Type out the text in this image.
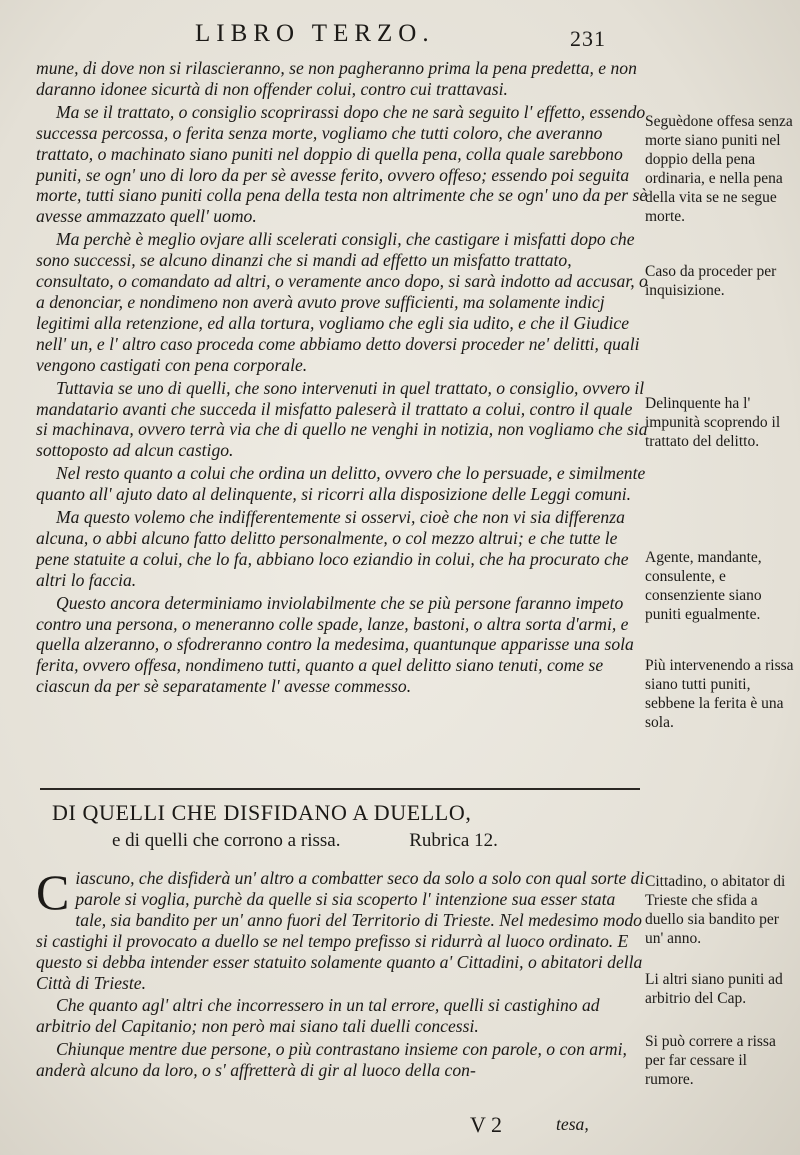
LIBRO TERZO.	231

mune, di dove non si rilascieranno, se non pagheranno prima la pena predetta, e non daranno idonee sicurtà di non offender colui, contro cui trattavasi.

Ma se il trattato, o consiglio scoprirassi dopo che ne sarà seguito l' effetto, essendo successa percossa, o ferita senza morte, vogliamo che tutti coloro, che averanno trattato, o machinato siano puniti nel doppio di quella pena, colla quale sarebbono puniti, se ogn' uno di loro da per sè avesse ferito, ovvero offeso; essendo poi seguita morte, tutti siano puniti colla pena della testa non altrimente che se ogn' uno da per sè avesse ammazzato quell' uomo.

Ma perchè è meglio ovjare alli scelerati consigli, che castigare i misfatti dopo che sono successi, se alcuno dinanzi che si mandi ad effetto un misfatto trattato, consultato, o comandato ad altri, o veramente anco dopo, si sarà indotto ad accusar, o a denonciar, e nondimeno non averà avuto prove sufficienti, ma solamente indicj legitimi alla retenzione, ed alla tortura, vogliamo che egli sia udito, e che il Giudice nell' un, e l' altro caso proceda come abbiamo detto doversi proceder ne' delitti, quali vengono castigati con pena corporale.

Tuttavia se uno di quelli, che sono intervenuti in quel trattato, o consiglio, ovvero il mandatario avanti che succeda il misfatto paleserà il trattato a colui, contro il quale si machinava, ovvero terrà via che di quello ne venghi in notizia, non vogliamo che sia sottoposto ad alcun castigo.

Nel resto quanto a colui che ordina un delitto, ovvero che lo persuade, e similmente quanto all' ajuto dato al delinquente, si ricorri alla disposizione delle Leggi comuni.

Ma questo volemo che indifferentemente si osservi, cioè che non vi sia differenza alcuna, o abbi alcuno fatto delitto personalmente, o col mezzo altrui; e che tutte le pene statuite a colui, che lo fa, abbiano loco eziandio in colui, che ha procurato che altri lo faccia.

Questo ancora determiniamo inviolabilmente che se più persone faranno impeto contro una persona, o meneranno colle spade, lanze, bastoni, o altra sorta d'armi, e quella alzeranno, o sfodreranno contro la medesima, quantunque apparisse una sola ferita, ovvero offesa, nondimeno tutti, quanto a quel delitto siano tenuti, come se ciascun da per sè separatamente l' avesse commesso.

DI QUELLI CHE DISFIDANO A DUELLO,
e di quelli che corrono a rissa.	Rubrica 12.

Ciascuno, che disfiderà un' altro a combatter seco da solo a solo con qual sorte di parole si voglia, purchè da quelle si sia scoperto l' intenzione sua esser stata tale, sia bandito per un' anno fuori del Territorio di Trieste. Nel medesimo modo si castighi il provocato a duello se nel tempo prefisso si ridurrà al luoco ordinato. E questo si debba intender esser statuito solamente quanto a' Cittadini, o abitatori della Città di Trieste.

Che quanto agl' altri che incorressero in un tal errore, quelli si castighino ad arbitrio del Capitanio; non però mai siano tali duelli concessi.

Chiunque mentre due persone, o più contrastano insieme con parole, o con armi, anderà alcuno da loro, o s' affretterà di gir al luoco della con-

V 2	tesa,
Seguèdone offesa senza morte siano puniti nel doppio della pena ordinaria, e nella pena della vita se ne segue morte.
Caso da proceder per inquisizione.
Delinquente ha l' impunità scoprendo il trattato del delitto.
Agente, mandante, consulente, e consenziente siano puniti egualmente.
Più intervenendo a rissa siano tutti puniti, sebbene la ferita è una sola.
Cittadino, o abitator di Trieste che sfida a duello sia bandito per un' anno.
Li altri siano puniti ad arbitrio del Cap.
Si può correre a rissa per far cessare il rumore.
